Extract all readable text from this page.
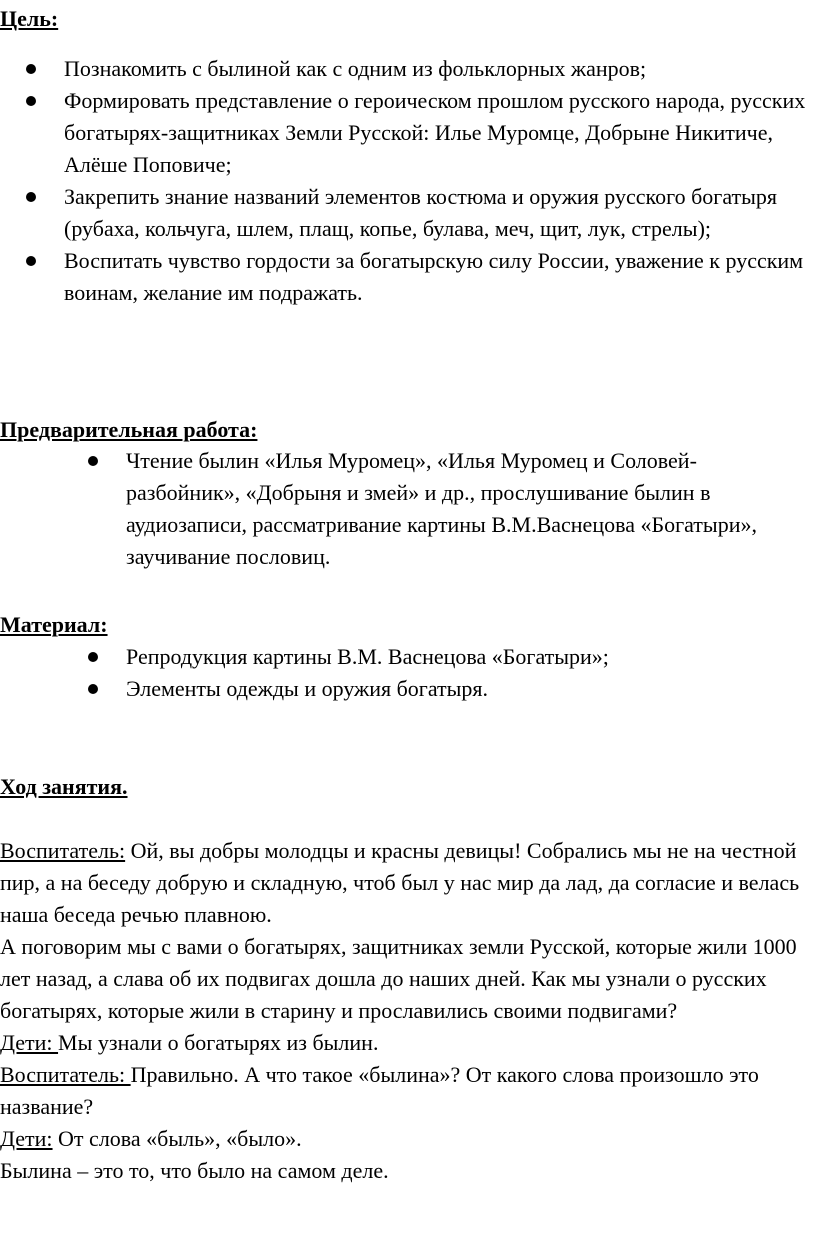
Цель:
Познакомить с былиной как с одним из фольклорных жанров;
Формировать представление о героическом прошлом русского народа, русских богатырях-защитниках Земли Русской: Илье Муромце, Добрыне Никитиче, Алёше Поповиче;
Закрепить знание названий элементов костюма и оружия русского богатыря (рубаха, кольчуга, шлем, плащ, копье, булава, меч, щит, лук, стрелы);
Воспитать чувство гордости за богатырскую силу России, уважение к русским воинам, желание им подражать.
Предварительная работа:
Чтение былин «Илья Муромец», «Илья Муромец и Соловей-разбойник», «Добрыня и змей» и др., прослушивание былин в аудиозаписи, рассматривание картины В.М.Васнецова «Богатыри», заучивание пословиц.
Материал:
Репродукция картины В.М. Васнецова «Богатыри»;
Элементы одежды и оружия богатыря.
Ход занятия.

Воспитатель: Ой, вы добры молодцы и красны девицы! Собрались мы не на честной пир, а на беседу добрую и складную, чтоб был у нас мир да лад, да согласие и велась наша беседа речью плавною.

А поговорим мы с вами о богатырях, защитниках земли Русской, которые жили 1000 лет назад, а слава об их подвигах дошла до наших дней. Как мы узнали о русских богатырях, которые жили в старину и прославились своими подвигами?

Дети: Мы узнали о богатырях из былин.

Воспитатель: Правильно. А что такое «былина»? От какого слова произошло это название?

Дети: От слова «быль», «было».

Былина – это то, что было на самом деле.
